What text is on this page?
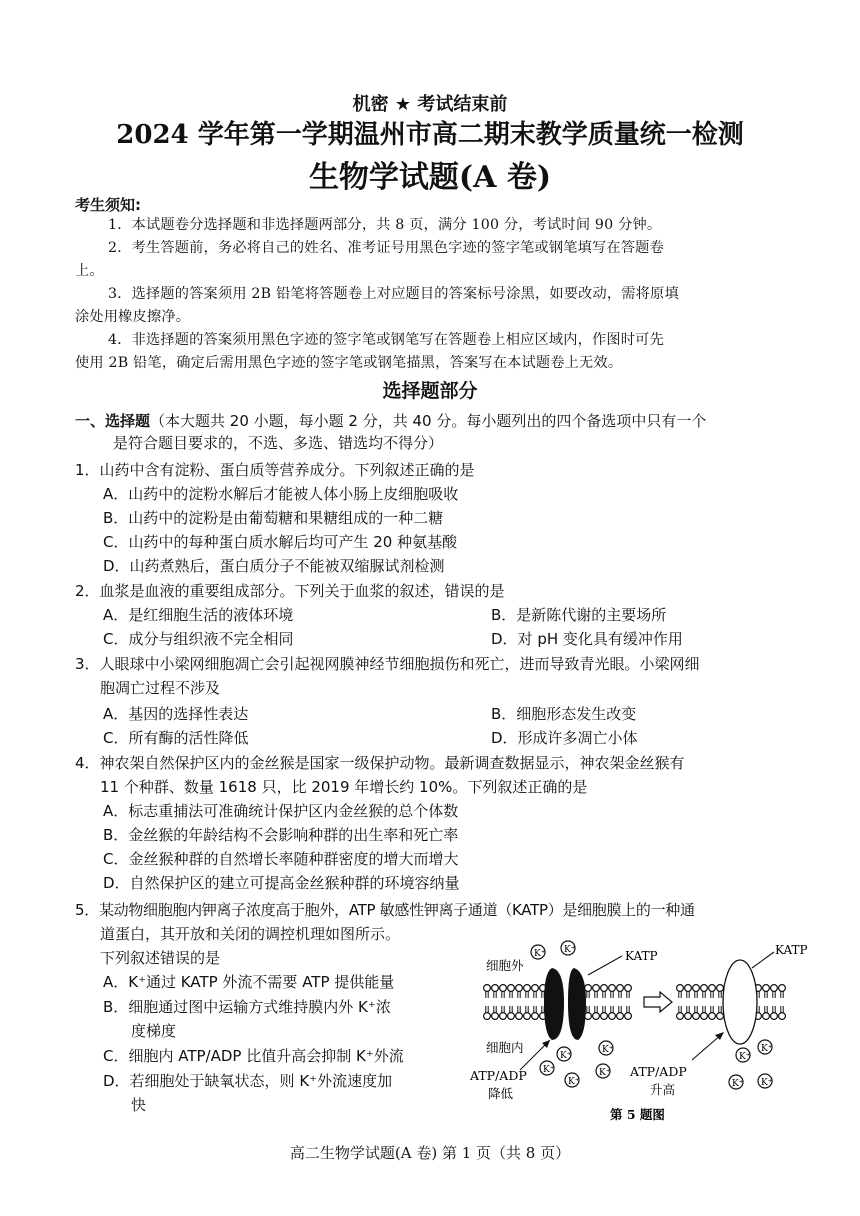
机密 ★ 考试结束前
2024 学年第一学期温州市高二期末教学质量统一检测
生物学试题(A 卷)
考生须知:
1．本试题卷分选择题和非选择题两部分，共 8 页，满分 100 分，考试时间 90 分钟。
2．考生答题前，务必将自己的姓名、准考证号用黑色字迹的签字笔或钢笔填写在答题卷
上。
3．选择题的答案须用 2B 铅笔将答题卷上对应题目的答案标号涂黑，如要改动，需将原填
涂处用橡皮擦净。
4．非选择题的答案须用黑色字迹的签字笔或钢笔写在答题卷上相应区域内，作图时可先
使用 2B 铅笔，确定后需用黑色字迹的签字笔或钢笔描黑，答案写在本试题卷上无效。
选择题部分
一、选择题（本大题共 20 小题，每小题 2 分，共 40 分。每小题列出的四个备选项中只有一个
是符合题目要求的，不选、多选、错选均不得分）
1．山药中含有淀粉、蛋白质等营养成分。下列叙述正确的是
A．山药中的淀粉水解后才能被人体小肠上皮细胞吸收
B．山药中的淀粉是由葡萄糖和果糖组成的一种二糖
C．山药中的每种蛋白质水解后均可产生 20 种氨基酸
D．山药煮熟后，蛋白质分子不能被双缩脲试剂检测
2．血浆是血液的重要组成部分。下列关于血浆的叙述，错误的是
A．是红细胞生活的液体环境	B．是新陈代谢的主要场所
C．成分与组织液不完全相同	D．对 pH 变化具有缓冲作用
3．人眼球中小梁网细胞凋亡会引起视网膜神经节细胞损伤和死亡，进而导致青光眼。小梁网细
胞凋亡过程不涉及
A．基因的选择性表达	B．细胞形态发生改变
C．所有酶的活性降低	D．形成许多凋亡小体
4．神农架自然保护区内的金丝猴是国家一级保护动物。最新调查数据显示，神农架金丝猴有
11 个种群、数量 1618 只，比 2019 年增长约 10%。下列叙述正确的是
A．标志重捕法可准确统计保护区内金丝猴的总个体数
B．金丝猴的年龄结构不会影响种群的出生率和死亡率
C．金丝猴种群的自然增长率随种群密度的增大而增大
D．自然保护区的建立可提高金丝猴种群的环境容纳量
5．某动物细胞胞内钾离子浓度高于胞外，ATP 敏感性钾离子通道（KATP）是细胞膜上的一种通
道蛋白，其开放和关闭的调控机理如图所示。
下列叙述错误的是
A．K⁺通过 KATP 外流不需要 ATP 提供能量
B．细胞通过图中运输方式维持膜内外 K⁺浓
度梯度
C．细胞内 ATP/ADP 比值升高会抑制 K⁺外流
D．若细胞处于缺氧状态，则 K⁺外流速度加
快
K⁺ K⁺
K⁺
K⁺
K⁺
K⁺
K⁺
K⁺
K⁺
K⁺ K⁺
KATP	KATP
细胞外
细胞内
ATP/ADP
降低
ATP/ADP
升高
第 5 题图
高二生物学试题(A 卷) 第 1 页（共 8 页）
